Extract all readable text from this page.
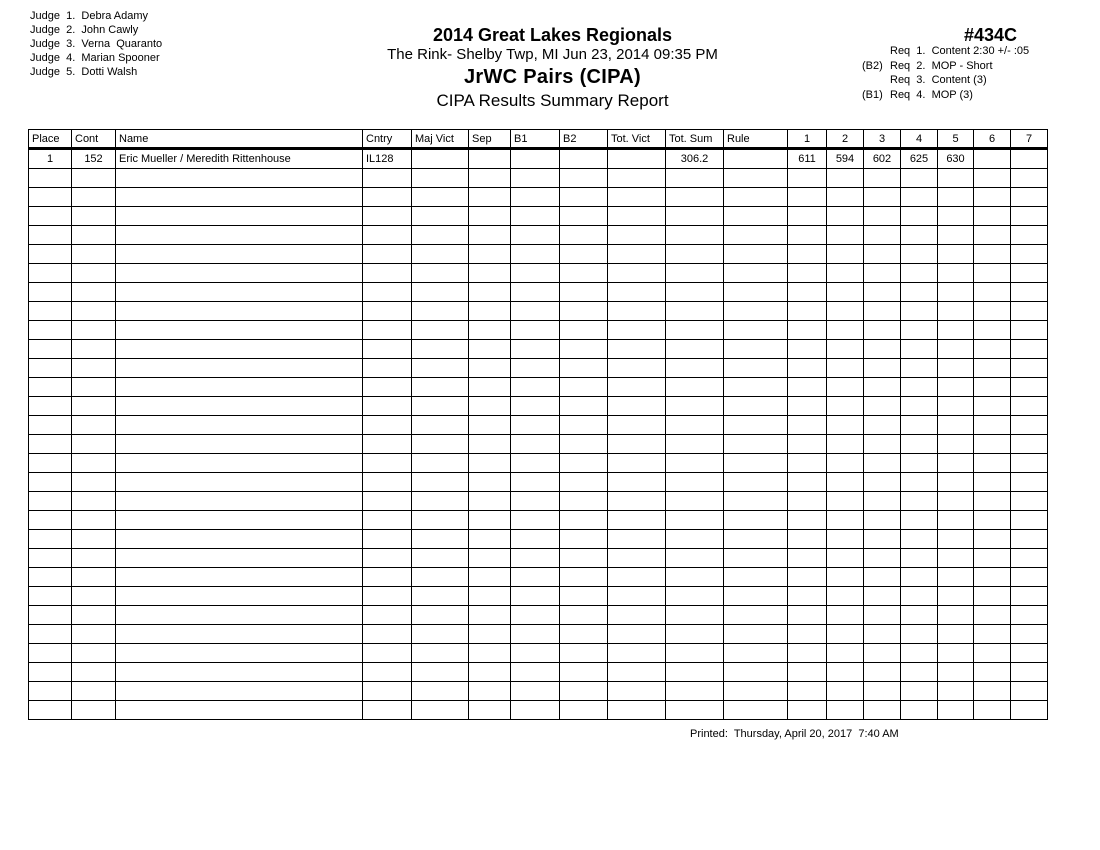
Judge  1. Debra Adamy
Judge  2. John Cawly
Judge  3. Verna  Quaranto
Judge  4. Marian Spooner
Judge  5. Dotti Walsh
2014 Great Lakes Regionals
The Rink- Shelby Twp, MI Jun 23, 2014 09:35 PM
JrWC Pairs (CIPA)
CIPA Results Summary Report
#434C
Req  1.  Content 2:30 +/- :05
(B2) Req  2.  MOP - Short
Req  3.  Content (3)
(B1) Req  4.  MOP (3)
Place	Cont	Name	Cntry	Maj Vict	Sep	B1	B2	Tot. Vict	Tot. Sum	Rule	1	2	3	4	5	6	7
1	152	Eric Mueller / Meredith Rittenhouse	IL128						306.2		611	594	602	625	630		

Printed:  Thursday, April 20, 2017  7:40 AM
